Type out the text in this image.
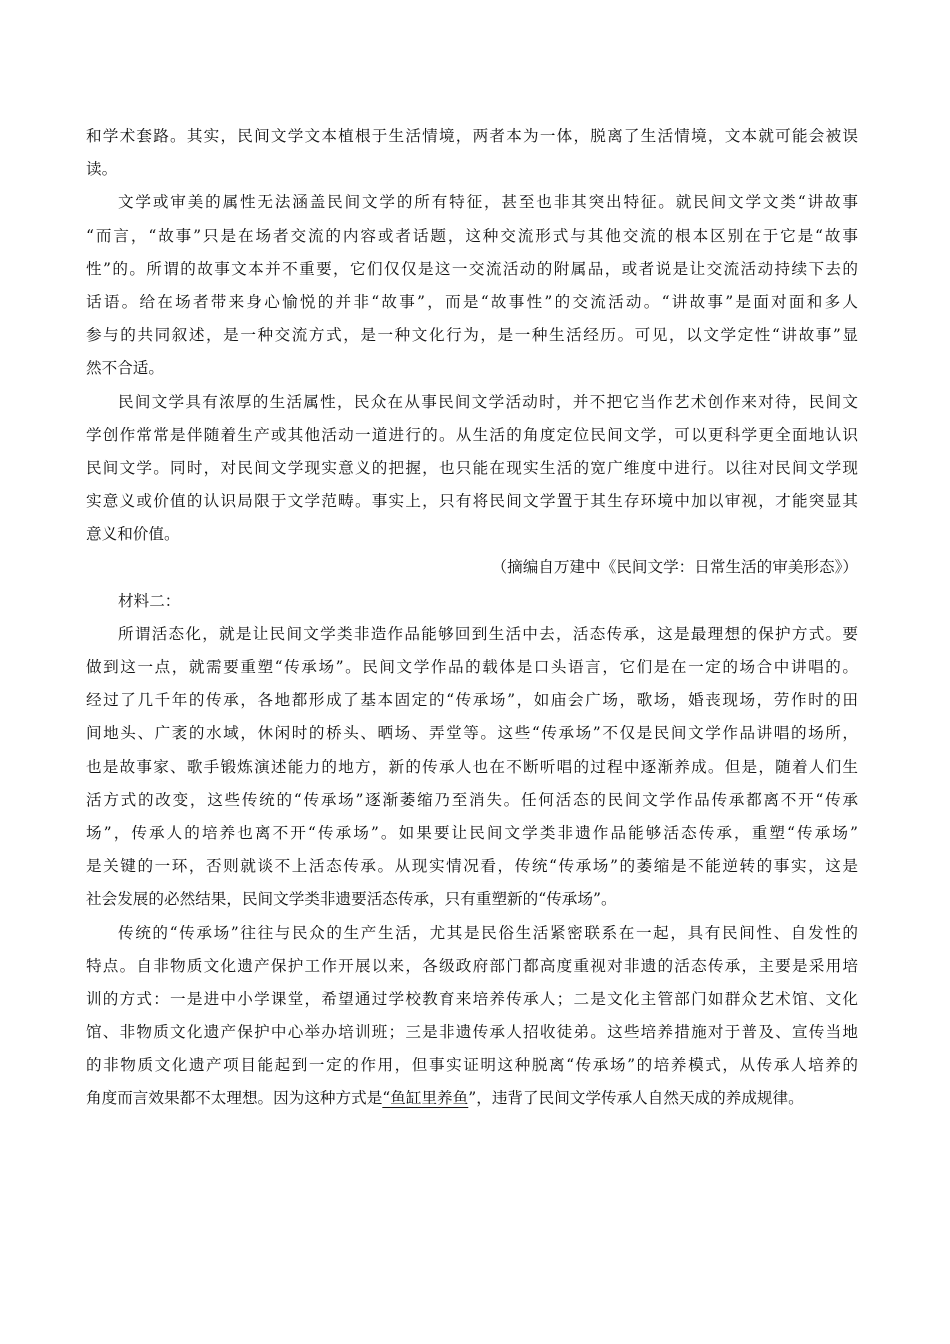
和学术套路。其实，民间文学文本植根于生活情境，两者本为一体，脱离了生活情境，文本就可能会被误
读。
文学或审美的属性无法涵盖民间文学的所有特征，甚至也非其突出特征。就民间文学文类“讲故事
“而言，“故事”只是在场者交流的内容或者话题，这种交流形式与其他交流的根本区别在于它是“故事
性”的。所谓的故事文本并不重要，它们仅仅是这一交流活动的附属品，或者说是让交流活动持续下去的
话语。给在场者带来身心愉悦的并非“故事”，而是“故事性”的交流活动。“讲故事”是面对面和多人
参与的共同叙述，是一种交流方式，是一种文化行为，是一种生活经历。可见，以文学定性“讲故事”显
然不合适。
民间文学具有浓厚的生活属性，民众在从事民间文学活动时，并不把它当作艺术创作来对待，民间文
学创作常常是伴随着生产或其他活动一道进行的。从生活的角度定位民间文学，可以更科学更全面地认识
民间文学。同时，对民间文学现实意义的把握，也只能在现实生活的宽广维度中进行。以往对民间文学现
实意义或价值的认识局限于文学范畴。事实上，只有将民间文学置于其生存环境中加以审视，才能突显其
意义和价值。
（摘编自万建中《民间文学：日常生活的审美形态》）
材料二：
所谓活态化，就是让民间文学类非造作品能够回到生活中去，活态传承，这是最理想的保护方式。要
做到这一点，就需要重塑“传承场”。民间文学作品的载体是口头语言，它们是在一定的场合中讲唱的。
经过了几千年的传承，各地都形成了基本固定的“传承场”，如庙会广场，歌场，婚丧现场，劳作时的田
间地头、广袤的水域，休闲时的桥头、晒场、弄堂等。这些“传承场”不仅是民间文学作品讲唱的场所，
也是故事家、歌手锻炼演述能力的地方，新的传承人也在不断听唱的过程中逐渐养成。但是，随着人们生
活方式的改变，这些传统的“传承场”逐渐萎缩乃至消失。任何活态的民间文学作品传承都离不开“传承
场”，传承人的培养也离不开“传承场”。如果要让民间文学类非遗作品能够活态传承，重塑“传承场”
是关键的一环，否则就谈不上活态传承。从现实情况看，传统“传承场”的萎缩是不能逆转的事实，这是
社会发展的必然结果，民间文学类非遗要活态传承，只有重塑新的“传承场”。
传统的“传承场”往往与民众的生产生活，尤其是民俗生活紧密联系在一起，具有民间性、自发性的
特点。自非物质文化遗产保护工作开展以来，各级政府部门都高度重视对非遗的活态传承，主要是采用培
训的方式：一是进中小学课堂，希望通过学校教育来培养传承人；二是文化主管部门如群众艺术馆、文化
馆、非物质文化遗产保护中心举办培训班；三是非遗传承人招收徒弟。这些培养措施对于普及、宣传当地
的非物质文化遗产项目能起到一定的作用，但事实证明这种脱离“传承场”的培养模式，从传承人培养的
角度而言效果都不太理想。因为这种方式是“鱼缸里养鱼”，违背了民间文学传承人自然天成的养成规律。
